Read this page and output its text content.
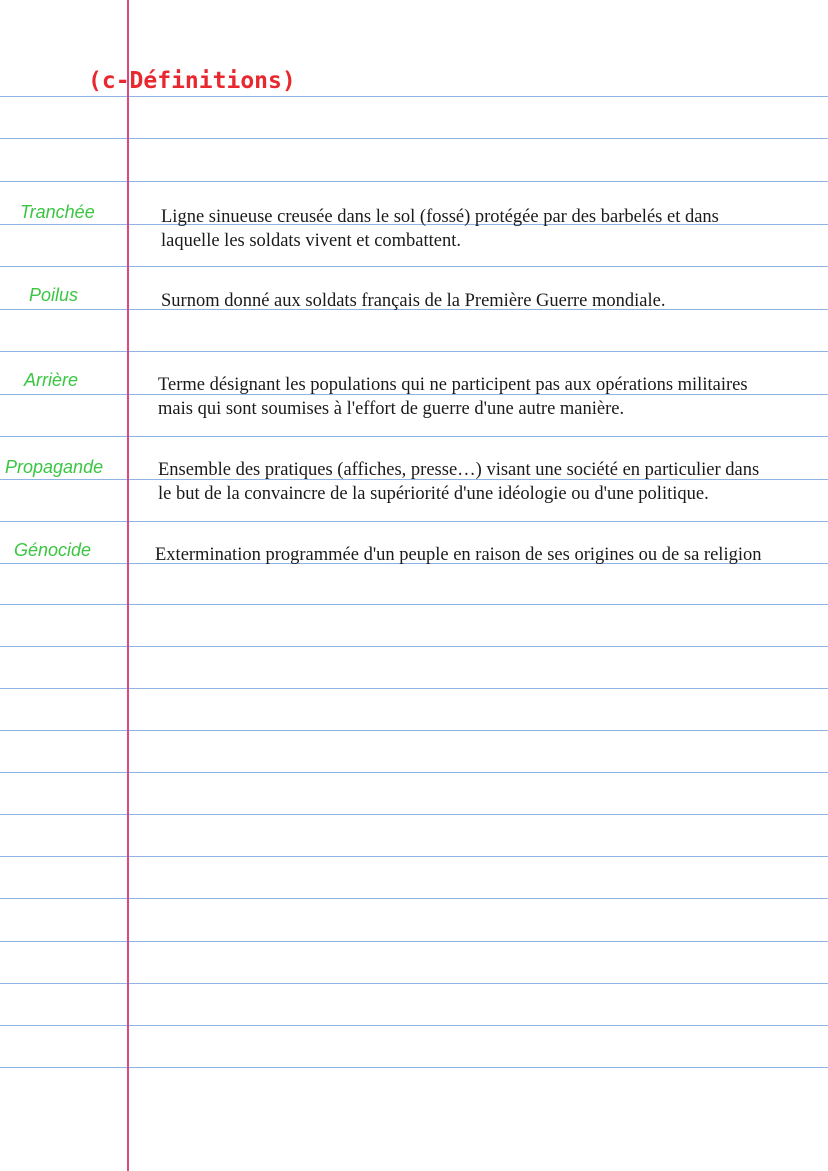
(c-Définitions)
Tranchée	Ligne sinueuse creusée dans le sol (fossé) protégée par des barbelés et dans
laquelle les soldats vivent et combattent.
Poilus	Surnom donné aux soldats français de la Première Guerre mondiale.
Arrière	Terme désignant les populations qui ne participent pas aux opérations militaires
mais qui sont soumises à l'effort de guerre d'une autre manière.
Propagande	Ensemble des pratiques (affiches, presse…) visant une société en particulier dans
le but de la convaincre de la supériorité d'une idéologie ou d'une politique.
Génocide	Extermination programmée d'un peuple en raison de ses origines ou de sa religion
